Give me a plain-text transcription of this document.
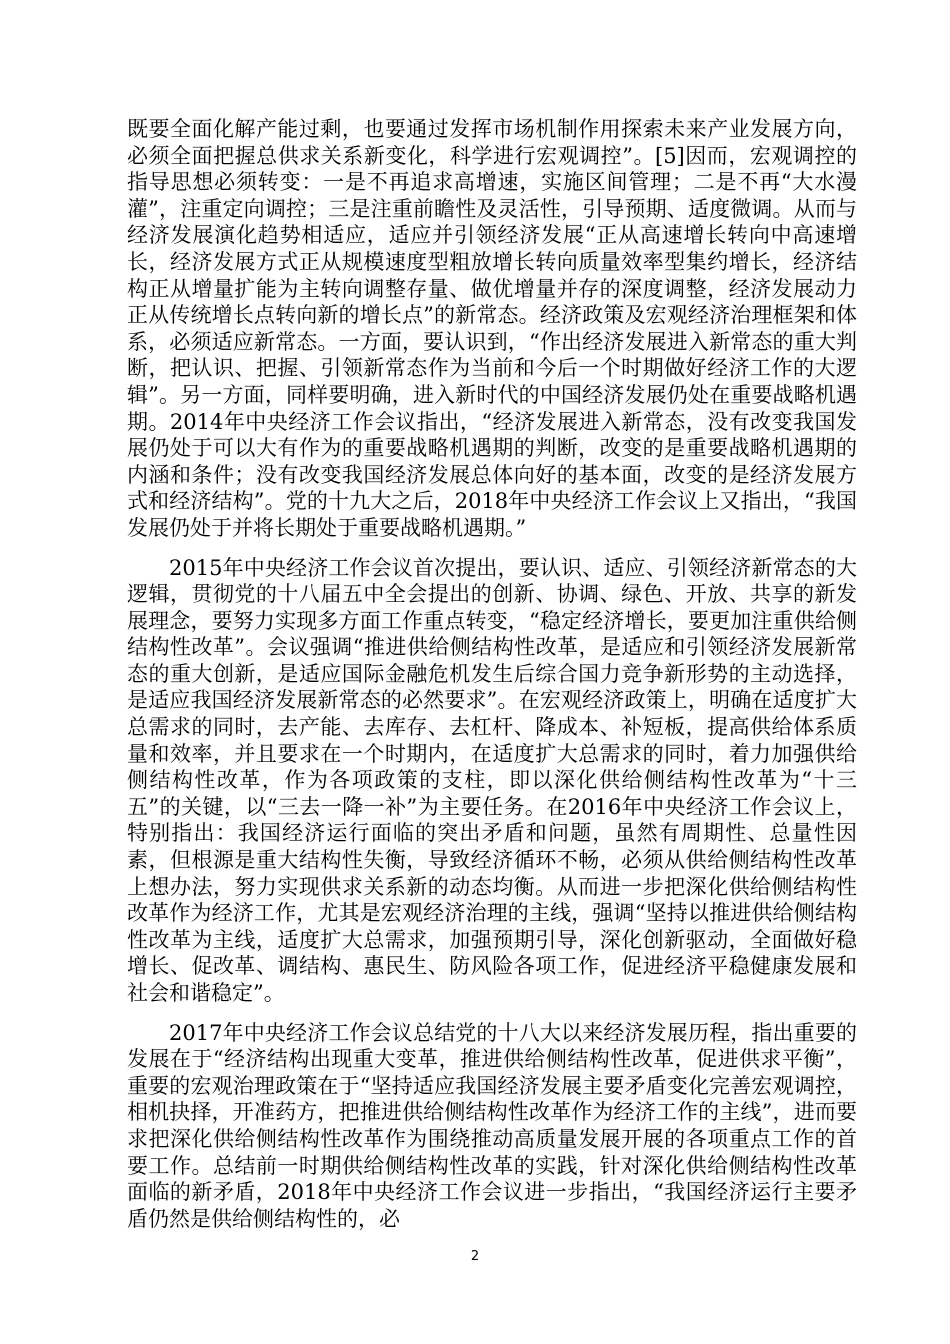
既要全面化解产能过剩，也要通过发挥市场机制作用探索未来产业发展方向，必须全面把握总供求关系新变化，科学进行宏观调控”。[5]因而，宏观调控的指导思想必须转变：一是不再追求高增速，实施区间管理；二是不再“大水漫灌”，注重定向调控；三是注重前瞻性及灵活性，引导预期、适度微调。从而与经济发展演化趋势相适应，适应并引领经济发展“正从高速增长转向中高速增长，经济发展方式正从规模速度型粗放增长转向质量效率型集约增长，经济结构正从增量扩能为主转向调整存量、做优增量并存的深度调整，经济发展动力正从传统增长点转向新的增长点”的新常态。经济政策及宏观经济治理框架和体系，必须适应新常态。一方面，要认识到，“作出经济发展进入新常态的重大判断，把认识、把握、引领新常态作为当前和今后一个时期做好经济工作的大逻辑”。另一方面，同样要明确，进入新时代的中国经济发展仍处在重要战略机遇期。2014年中央经济工作会议指出，“经济发展进入新常态，没有改变我国发展仍处于可以大有作为的重要战略机遇期的判断，改变的是重要战略机遇期的内涵和条件；没有改变我国经济发展总体向好的基本面，改变的是经济发展方式和经济结构”。党的十九大之后，2018年中央经济工作会议上又指出，“我国发展仍处于并将长期处于重要战略机遇期。”

2015年中央经济工作会议首次提出，要认识、适应、引领经济新常态的大逻辑，贯彻党的十八届五中全会提出的创新、协调、绿色、开放、共享的新发展理念，要努力实现多方面工作重点转变，“稳定经济增长，要更加注重供给侧结构性改革”。会议强调“推进供给侧结构性改革，是适应和引领经济发展新常态的重大创新，是适应国际金融危机发生后综合国力竞争新形势的主动选择，是适应我国经济发展新常态的必然要求”。在宏观经济政策上，明确在适度扩大总需求的同时，去产能、去库存、去杠杆、降成本、补短板，提高供给体系质量和效率，并且要求在一个时期内，在适度扩大总需求的同时，着力加强供给侧结构性改革，作为各项政策的支柱，即以深化供给侧结构性改革为“十三五”的关键，以“三去一降一补”为主要任务。在2016年中央经济工作会议上，特别指出：我国经济运行面临的突出矛盾和问题，虽然有周期性、总量性因素，但根源是重大结构性失衡，导致经济循环不畅，必须从供给侧结构性改革上想办法，努力实现供求关系新的动态均衡。从而进一步把深化供给侧结构性改革作为经济工作，尤其是宏观经济治理的主线，强调“坚持以推进供给侧结构性改革为主线，适度扩大总需求，加强预期引导，深化创新驱动，全面做好稳增长、促改革、调结构、惠民生、防风险各项工作，促进经济平稳健康发展和社会和谐稳定”。

2017年中央经济工作会议总结党的十八大以来经济发展历程，指出重要的发展在于“经济结构出现重大变革，推进供给侧结构性改革，促进供求平衡”，重要的宏观治理政策在于“坚持适应我国经济发展主要矛盾变化完善宏观调控，相机抉择，开准药方，把推进供给侧结构性改革作为经济工作的主线”，进而要求把深化供给侧结构性改革作为围绕推动高质量发展开展的各项重点工作的首要工作。总结前一时期供给侧结构性改革的实践，针对深化供给侧结构性改革面临的新矛盾，2018年中央经济工作会议进一步指出，“我国经济运行主要矛盾仍然是供给侧结构性的，必

2
